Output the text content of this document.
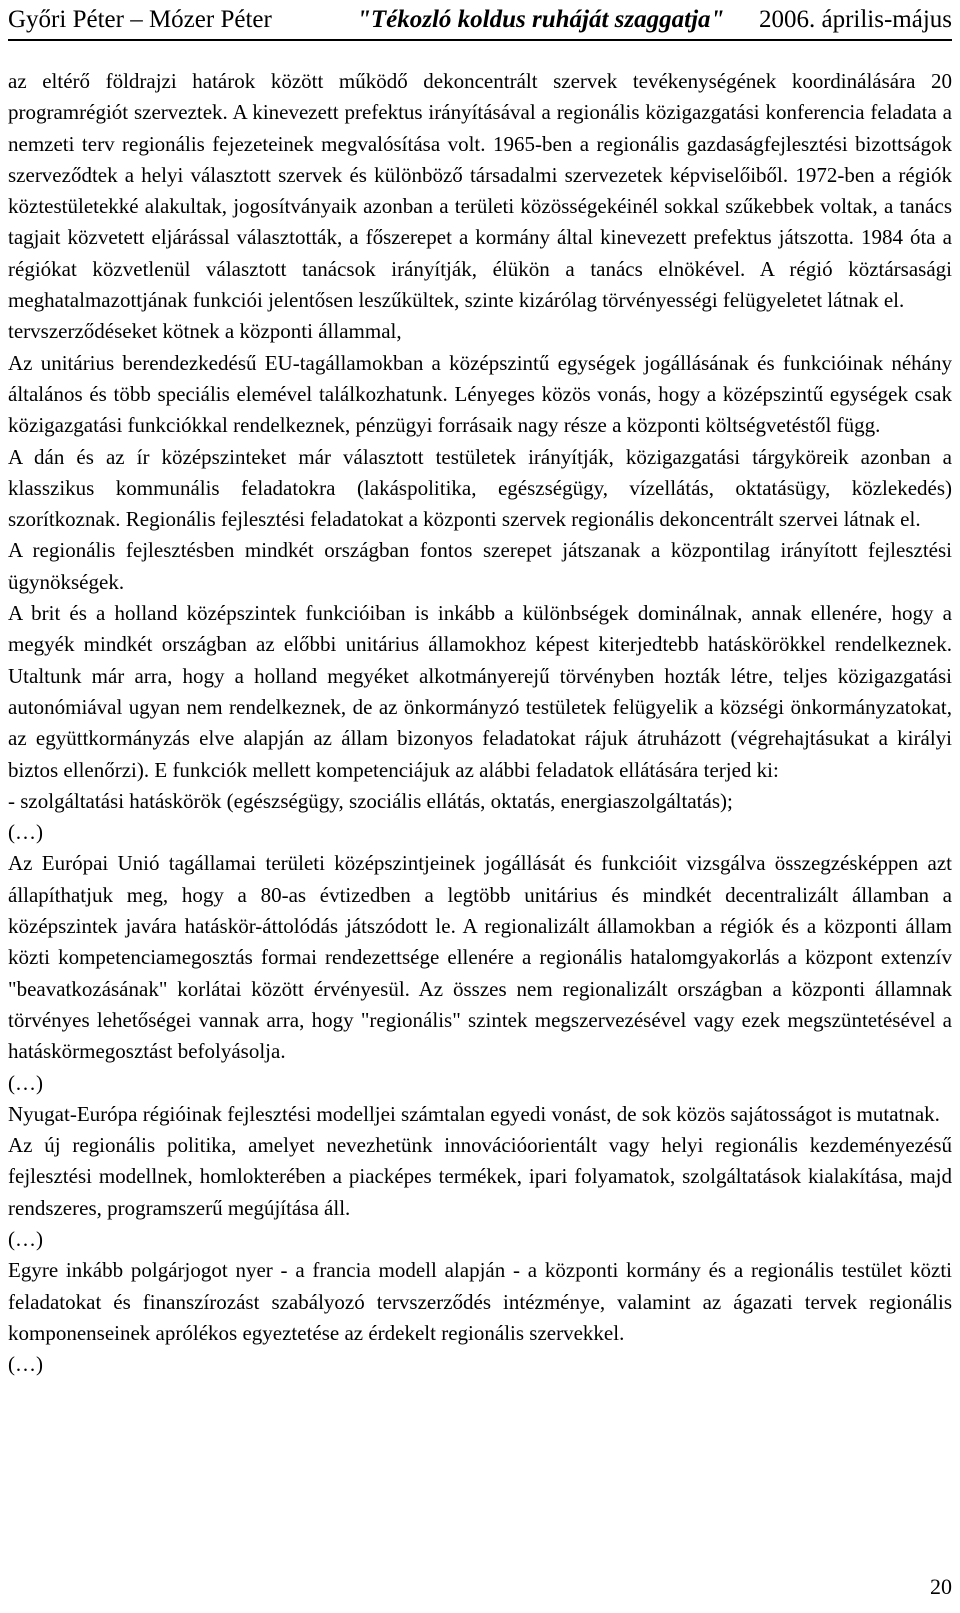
Győri Péter – Mózer Péter	"Tékozló koldus ruháját szaggatja" 2006. április-május

az eltérő földrajzi határok között működő dekoncentrált szervek tevékenységének koordinálására 20 programrégiót szerveztek. A kinevezett prefektus irányításával a regionális közigazgatási konferencia feladata a nemzeti terv regionális fejezeteinek megvalósítása volt. 1965-ben a regionális gazdaságfejlesztési bizottságok szerveződtek a helyi választott szervek és különböző társadalmi szervezetek képviselőiből. 1972-ben a régiók köztestületekké alakultak, jogosítványaik azonban a területi közösségekéinél sokkal szűkebbek voltak, a tanács tagjait közvetett eljárással választották, a főszerepet a kormány által kinevezett prefektus játszotta. 1984 óta a régiókat közvetlenül választott tanácsok irányítják, élükön a tanács elnökével. A régió köztársasági meghatalmazottjának funkciói jelentősen leszűkültek, szinte kizárólag törvényességi felügyeletet látnak el.

tervszerződéseket kötnek a központi állammal,

Az unitárius berendezkedésű EU-tagállamokban a középszintű egységek jogállásának és funkcióinak néhány általános és több speciális elemével találkozhatunk. Lényeges közös vonás, hogy a középszintű egységek csak közigazgatási funkciókkal rendelkeznek, pénzügyi forrásaik nagy része a központi költségvetéstől függ.

A dán és az ír középszinteket már választott testületek irányítják, közigazgatási tárgyköreik azonban a klasszikus kommunális feladatokra (lakáspolitika, egészségügy, vízellátás, oktatásügy, közlekedés) szorítkoznak. Regionális fejlesztési feladatokat a központi szervek regionális dekoncentrált szervei látnak el.

A regionális fejlesztésben mindkét országban fontos szerepet játszanak a központilag irányított fejlesztési ügynökségek.

A brit és a holland középszintek funkcióiban is inkább a különbségek dominálnak, annak ellenére, hogy a megyék mindkét országban az előbbi unitárius államokhoz képest kiterjedtebb hatáskörökkel rendelkeznek. Utaltunk már arra, hogy a holland megyéket alkotmányerejű törvényben hozták létre, teljes közigazgatási autonómiával ugyan nem rendelkeznek, de az önkormányzó testületek felügyelik a községi önkormányzatokat, az együttkormányzás elve alapján az állam bizonyos feladatokat rájuk átruházott (végrehajtásukat a királyi biztos ellenőrzi). E funkciók mellett kompetenciájuk az alábbi feladatok ellátására terjed ki:

- szolgáltatási hatáskörök (egészségügy, szociális ellátás, oktatás, energiaszolgáltatás);

(…)

Az Európai Unió tagállamai területi középszintjeinek jogállását és funkcióit vizsgálva összegzésképpen azt állapíthatjuk meg, hogy a 80-as évtizedben a legtöbb unitárius és mindkét decentralizált államban a középszintek javára hatáskör-áttolódás játszódott le. A regionalizált államokban a régiók és a központi állam közti kompetenciamegosztás formai rendezettsége ellenére a regionális hatalomgyakorlás a központ extenzív "beavatkozásának" korlátai között érvényesül. Az összes nem regionalizált országban a központi államnak törvényes lehetőségei vannak arra, hogy "regionális" szintek megszervezésével vagy ezek megszüntetésével a hatáskörmegosztást befolyásolja.

(…)

Nyugat-Európa régióinak fejlesztési modelljei számtalan egyedi vonást, de sok közös sajátosságot is mutatnak.

Az új regionális politika, amelyet nevezhetünk innovációorientált vagy helyi regionális kezdeményezésű fejlesztési modellnek, homlokterében a piacképes termékek, ipari folyamatok, szolgáltatások kialakítása, majd rendszeres, programszerű megújítása áll.

(…)

Egyre inkább polgárjogot nyer - a francia modell alapján - a központi kormány és a regionális testület közti feladatokat és finanszírozást szabályozó tervszerződés intézménye, valamint az ágazati tervek regionális komponenseinek aprólékos egyeztetése az érdekelt regionális szervekkel.

(…)

20
